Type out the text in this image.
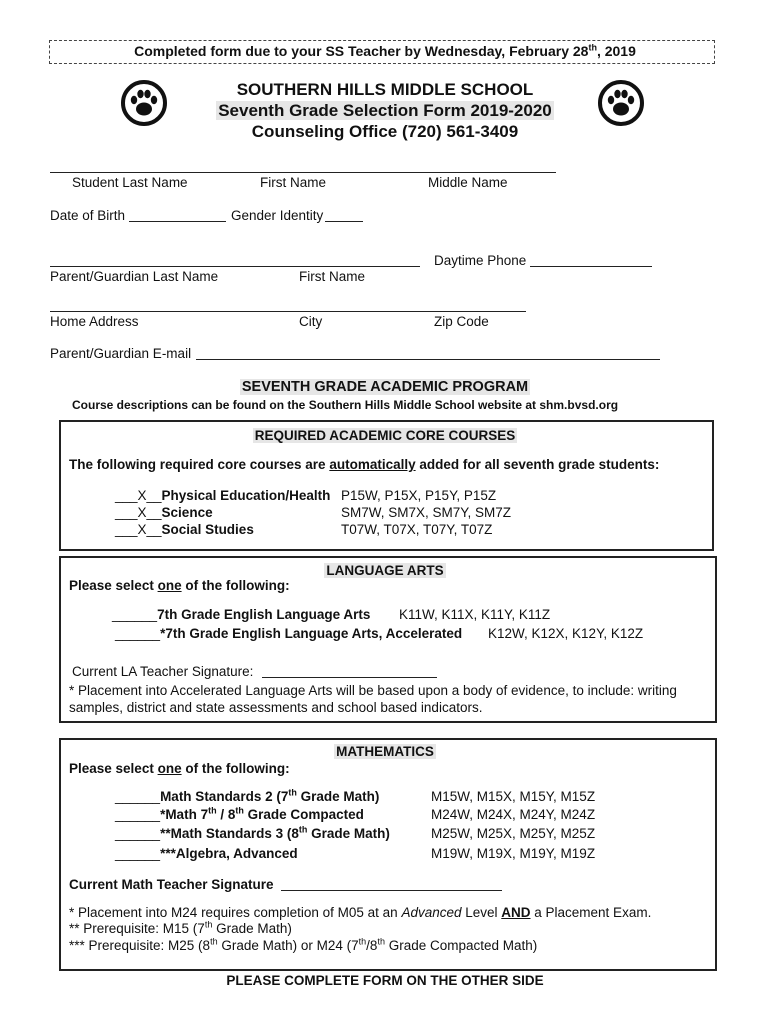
Completed form due to your SS Teacher by Wednesday, February 28th, 2019
SOUTHERN HILLS MIDDLE SCHOOL
Seventh Grade Selection Form 2019-2020
Counseling Office (720) 561-3409
Student Last Name	First Name	Middle Name
Date of Birth	Gender Identity
Daytime Phone
Parent/Guardian Last Name	First Name
Home Address	City	Zip Code
Parent/Guardian E-mail
SEVENTH GRADE ACADEMIC PROGRAM
Course descriptions can be found on the Southern Hills Middle School website at shm.bvsd.org
REQUIRED ACADEMIC CORE COURSES
The following required core courses are automatically added for all seventh grade students:
___X__Physical Education/Health P15W, P15X, P15Y, P15Z
___X__Science	SM7W, SM7X, SM7Y, SM7Z
___X__Social Studies	T07W, T07X, T07Y, T07Z
LANGUAGE ARTS
Please select one of the following:
______7th Grade English Language Arts K11W, K11X, K11Y, K11Z
______*7th Grade English Language Arts, Accelerated K12W, K12X, K12Y, K12Z
Current LA Teacher Signature:
* Placement into Accelerated Language Arts will be based upon a body of evidence, to include: writing
samples, district and state assessments and school based indicators.
MATHEMATICS
Please select one of the following:
______Math Standards 2 (7th Grade Math)	M15W, M15X, M15Y, M15Z
______*Math 7th / 8th Grade Compacted	M24W, M24X, M24Y, M24Z
______**Math Standards 3 (8th Grade Math)	M25W, M25X, M25Y, M25Z
______***Algebra, Advanced	M19W, M19X, M19Y, M19Z
Current Math Teacher Signature
* Placement into M24 requires completion of M05 at an Advanced Level AND a Placement Exam.
** Prerequisite: M15 (7th Grade Math)
*** Prerequisite: M25 (8th Grade Math) or M24 (7th/8th Grade Compacted Math)
PLEASE COMPLETE FORM ON THE OTHER SIDE
